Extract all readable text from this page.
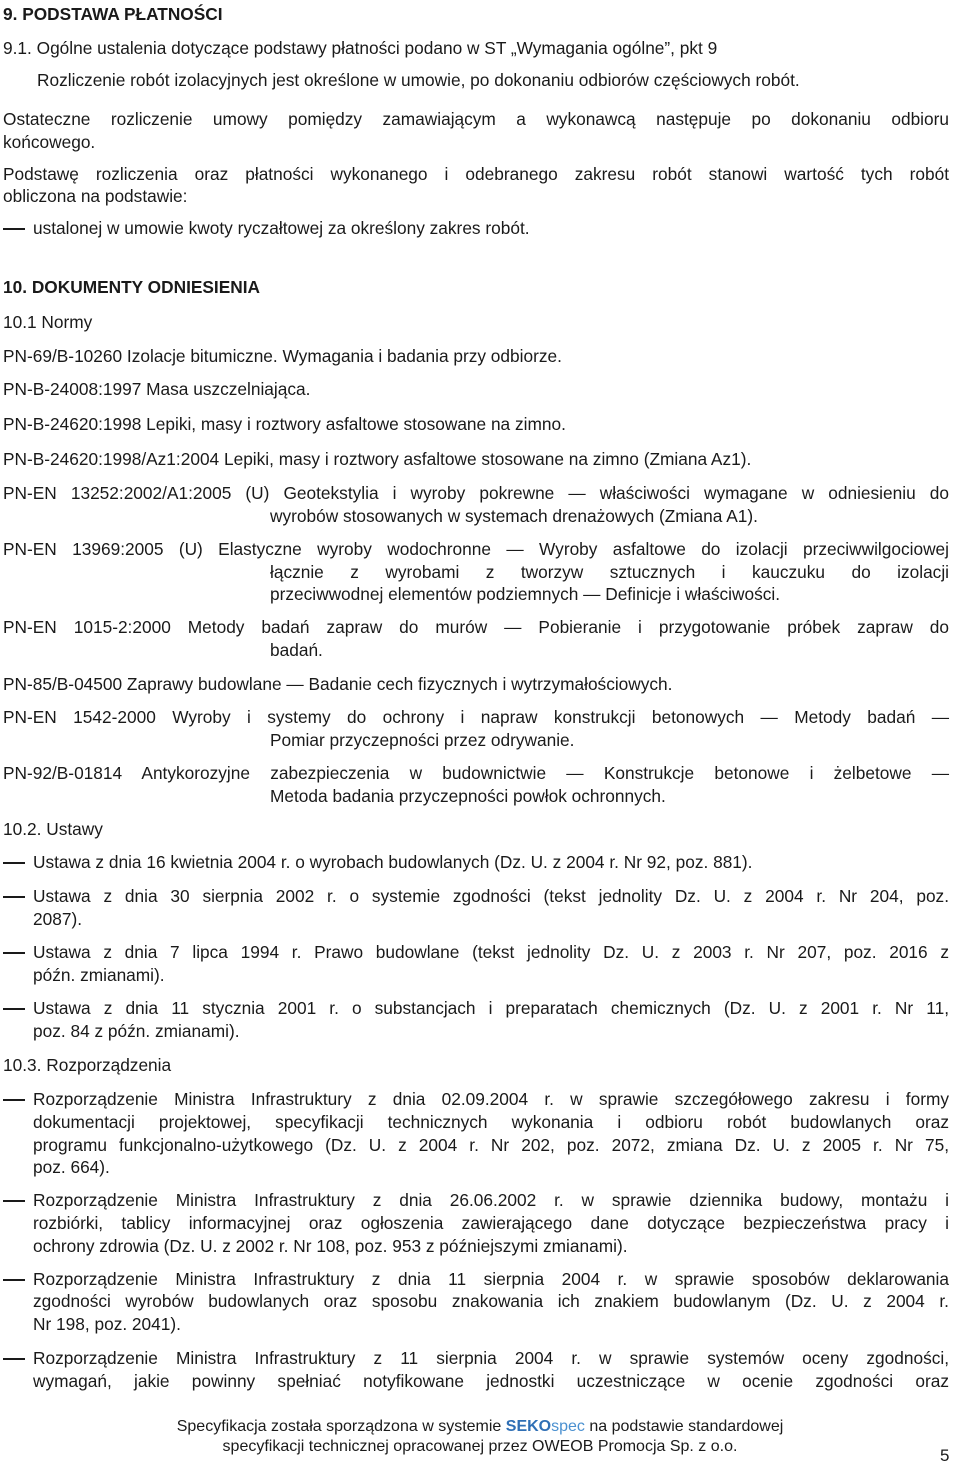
9. PODSTAWA PŁATNOŚCI
9.1. Ogólne ustalenia dotyczące podstawy płatności podano w ST „Wymagania ogólne”, pkt 9
Rozliczenie robót izolacyjnych jest określone w umowie, po dokonaniu odbiorów częściowych robót.
Ostateczne rozliczenie umowy pomiędzy zamawiającym a wykonawcą następuje po dokonaniu odbioru
końcowego.
Podstawę rozliczenia oraz płatności wykonanego i odebranego zakresu robót stanowi wartość tych robót
obliczona na podstawie:
ustalonej w umowie kwoty ryczałtowej za określony zakres robót.
10. DOKUMENTY ODNIESIENIA
10.1 Normy
PN-69/B-10260 Izolacje bitumiczne. Wymagania i badania przy odbiorze.
PN-B-24008:1997 Masa uszczelniająca.
PN-B-24620:1998 Lepiki, masy i roztwory asfaltowe stosowane na zimno.
PN-B-24620:1998/Az1:2004 Lepiki, masy i roztwory asfaltowe stosowane na zimno (Zmiana Az1).
PN-EN 13252:2002/A1:2005 (U) Geotekstylia i wyroby pokrewne — właściwości wymagane w odniesieniu do
wyrobów stosowanych w systemach drenażowych (Zmiana A1).
PN-EN 13969:2005 (U) Elastyczne wyroby wodochronne — Wyroby asfaltowe do izolacji przeciwwilgociowej
łącznie z wyrobami z tworzyw sztucznych i kauczuku do izolacji
przeciwwodnej elementów podziemnych — Definicje i właściwości.
PN-EN 1015-2:2000 Metody badań zapraw do murów — Pobieranie i przygotowanie próbek zapraw do
badań.
PN-85/B-04500 Zaprawy budowlane — Badanie cech fizycznych i wytrzymałościowych.
PN-EN 1542-2000 Wyroby i systemy do ochrony i napraw konstrukcji betonowych — Metody badań —
Pomiar przyczepności przez odrywanie.
PN-92/B-01814 Antykorozyjne zabezpieczenia w budownictwie — Konstrukcje betonowe i żelbetowe —
Metoda badania przyczepności powłok ochronnych.
10.2. Ustawy
Ustawa z dnia 16 kwietnia 2004 r. o wyrobach budowlanych (Dz. U. z 2004 r. Nr 92, poz. 881).
Ustawa z dnia 30 sierpnia 2002 r. o systemie zgodności (tekst jednolity Dz. U. z 2004 r. Nr 204, poz.
2087).
Ustawa z dnia 7 lipca 1994 r. Prawo budowlane (tekst jednolity Dz. U. z 2003 r. Nr 207, poz. 2016 z
późn. zmianami).
Ustawa z dnia 11 stycznia 2001 r. o substancjach i preparatach chemicznych (Dz. U. z 2001 r. Nr 11,
poz. 84 z późn. zmianami).
10.3. Rozporządzenia
Rozporządzenie Ministra Infrastruktury z dnia 02.09.2004 r. w sprawie szczegółowego zakresu i formy
dokumentacji projektowej, specyfikacji technicznych wykonania i odbioru robót budowlanych oraz
programu funkcjonalno-użytkowego (Dz. U. z 2004 r. Nr 202, poz. 2072, zmiana Dz. U. z 2005 r. Nr 75,
poz. 664).
Rozporządzenie Ministra Infrastruktury z dnia 26.06.2002 r. w sprawie dziennika budowy, montażu i
rozbiórki, tablicy informacyjnej oraz ogłoszenia zawierającego dane dotyczące bezpieczeństwa pracy i
ochrony zdrowia (Dz. U. z 2002 r. Nr 108, poz. 953 z późniejszymi zmianami).
Rozporządzenie Ministra Infrastruktury z dnia 11 sierpnia 2004 r. w sprawie sposobów deklarowania
zgodności wyrobów budowlanych oraz sposobu znakowania ich znakiem budowlanym (Dz. U. z 2004 r.
Nr 198, poz. 2041).
Rozporządzenie Ministra Infrastruktury z 11 sierpnia 2004 r. w sprawie systemów oceny zgodności,
wymagań, jakie powinny spełniać notyfikowane jednostki uczestniczące w ocenie zgodności oraz
Specyfikacja została sporządzona w systemie SEKOspec na podstawie standardowej
specyfikacji technicznej opracowanej przez OWEOB Promocja Sp. z o.o.	5
